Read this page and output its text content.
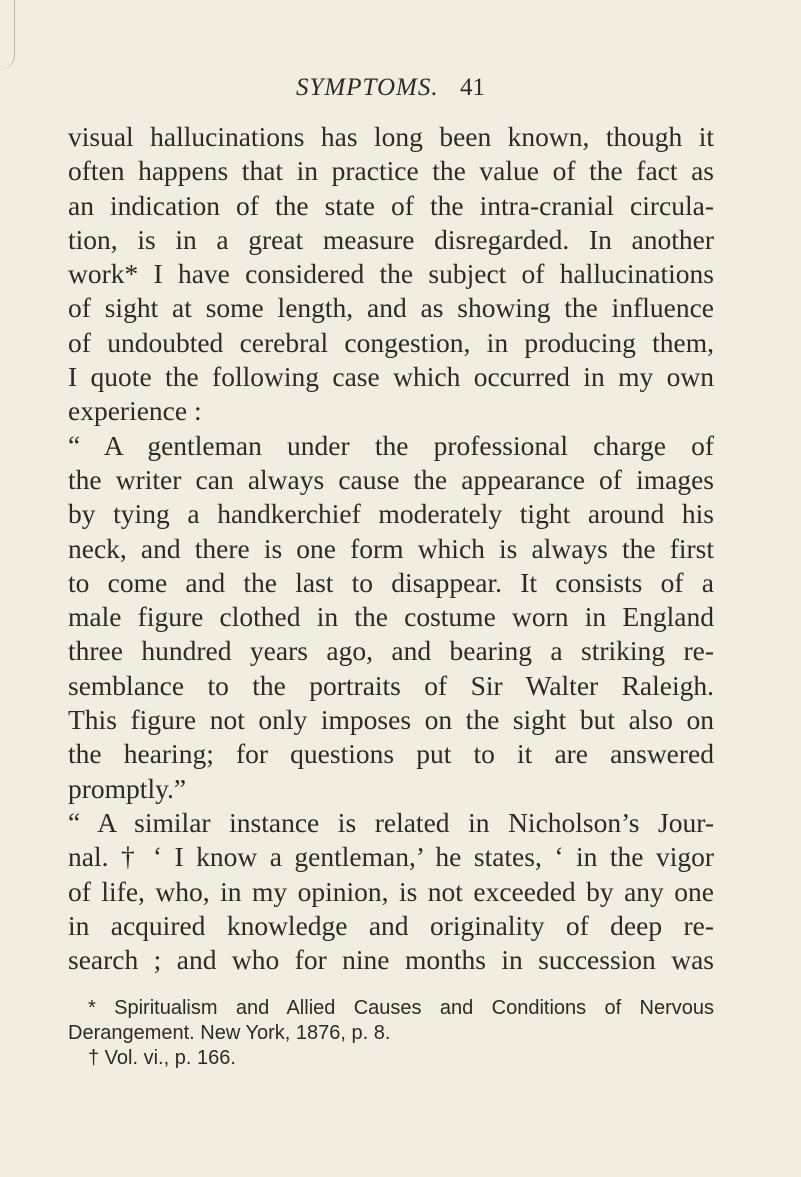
SYMPTOMS. 41
visual hallucinations has long been known, though it
often happens that in practice the value of the fact as
an indication of the state of the intra-cranial circula-
tion, is in a great measure disregarded. In another
work* I have considered the subject of hallucinations
of sight at some length, and as showing the influence
of undoubted cerebral congestion, in producing them,
I quote the following case which occurred in my own
experience :
“ A gentleman under the professional charge of
the writer can always cause the appearance of images
by tying a handkerchief moderately tight around his
neck, and there is one form which is always the first
to come and the last to disappear. It consists of a
male figure clothed in the costume worn in England
three hundred years ago, and bearing a striking re-
semblance to the portraits of Sir Walter Raleigh.
This figure not only imposes on the sight but also on
the hearing; for questions put to it are answered
promptly.”
“ A similar instance is related in Nicholson’s Jour-
nal. † ‘ I know a gentleman,’ he states, ‘ in the vigor
of life, who, in my opinion, is not exceeded by any one
in acquired knowledge and originality of deep re-
search ; and who for nine months in succession was
* Spiritualism and Allied Causes and Conditions of Nervous
Derangement. New York, 1876, p. 8.
† Vol. vi., p. 166.
